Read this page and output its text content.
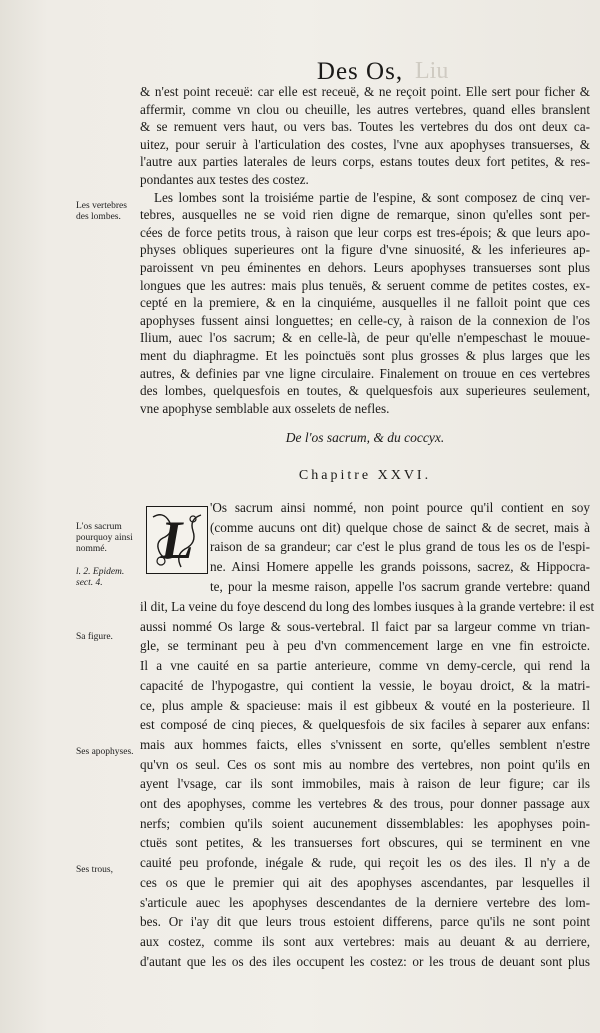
Des Os, Liu
Les vertebres des lombes.
L'os sacrum pourquoy ainsi nommé.
l. 2. Epidem. sect. 4.
Sa figure.
Ses apophyses.
Ses trous,
& n'est point receuë: car elle est receuë, & ne reçoit point. Elle sert pour ficher &
affermir, comme vn clou ou cheuille, les autres vertebres, quand elles branslent
& se remuent vers haut, ou vers bas. Toutes les vertebres du dos ont deux ca-
uitez, pour seruir à l'articulation des costes, l'vne aux apophyses transuerses, &
l'autre aux parties laterales de leurs corps, estans toutes deux fort petites, & res-
pondantes aux testes des costez.
Les lombes sont la troisiéme partie de l'espine, & sont composez de cinq ver-
tebres, ausquelles ne se void rien digne de remarque, sinon qu'elles sont per-
cées de force petits trous, à raison que leur corps est tres-épois; & que leurs apo-
physes obliques superieures ont la figure d'vne sinuosité, & les inferieures ap-
paroissent vn peu éminentes en dehors. Leurs apophyses transuerses sont plus
longues que les autres: mais plus tenuës, & seruent comme de petites costes, ex-
cepté en la premiere, & en la cinquiéme, ausquelles il ne falloit point que ces
apophyses fussent ainsi longuettes; en celle-cy, à raison de la connexion de l'os
Ilium, auec l'os sacrum; & en celle-là, de peur qu'elle n'empeschast le mouue-
ment du diaphragme. Et les poinctuës sont plus grosses & plus larges que les
autres, & definies par vne ligne circulaire. Finalement on trouue en ces vertebres
des lombes, quelquesfois en toutes, & quelquesfois aux superieures seulement,
vne apophyse semblable aux osselets de nefles.
De l'os sacrum, & du coccyx.
Chapitre XXVI.
L
'Os sacrum ainsi nommé, non point pource qu'il contient en soy
(comme aucuns ont dit) quelque chose de sainct & de secret, mais à
raison de sa grandeur; car c'est le plus grand de tous les os de l'espi-
ne. Ainsi Homere appelle les grands poissons, sacrez, & Hippocra-
te, pour la mesme raison, appelle l'os sacrum grande vertebre: quand
il dit, La veine du foye descend du long des lombes iusques à la grande vertebre: il est
aussi nommé Os large & sous-vertebral. Il faict par sa largeur comme vn trian-
gle, se terminant peu à peu d'vn commencement large en vne fin estroicte.
Il a vne cauité en sa partie anterieure, comme vn demy-cercle, qui rend la
capacité de l'hypogastre, qui contient la vessie, le boyau droict, & la matri-
ce, plus ample & spacieuse: mais il est gibbeux & vouté en la posterieure. Il
est composé de cinq pieces, & quelquesfois de six faciles à separer aux enfans:
mais aux hommes faicts, elles s'vnissent en sorte, qu'elles semblent n'estre
qu'vn os seul. Ces os sont mis au nombre des vertebres, non point qu'ils en
ayent l'vsage, car ils sont immobiles, mais à raison de leur figure; car ils
ont des apophyses, comme les vertebres & des trous, pour donner passage aux
nerfs; combien qu'ils soient aucunement dissemblables: les apophyses poin-
ctuës sont petites, & les transuerses fort obscures, qui se terminent en vne
cauité peu profonde, inégale & rude, qui reçoit les os des iles. Il n'y a de
ces os que le premier qui ait des apophyses ascendantes, par lesquelles il
s'articule auec les apophyses descendantes de la derniere vertebre des lom-
bes. Or i'ay dit que leurs trous estoient differens, parce qu'ils ne sont point
aux costez, comme ils sont aux vertebres: mais au deuant & au derriere,
d'autant que les os des iles occupent les costez: or les trous de deuant sont plus
